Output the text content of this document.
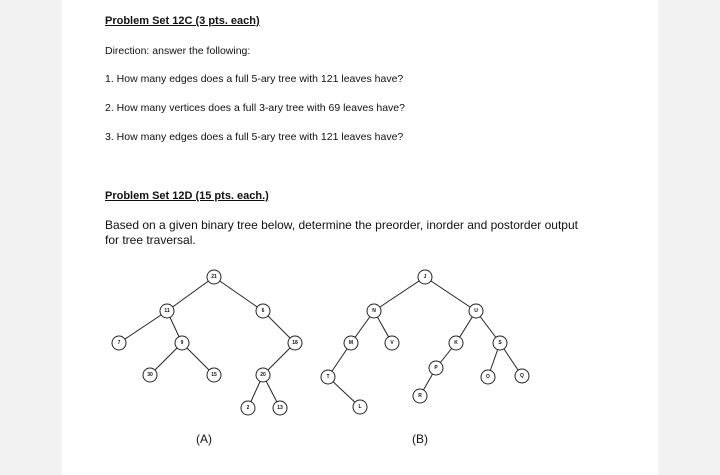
Problem Set 12C (3 pts. each)
Direction: answer the following:
1. How many edges does a full 5-ary tree with 121 leaves have?
2. How many vertices does a full 3-ary tree with 69 leaves have?
3. How many edges does a full 5-ary tree with 121 leaves have?
Problem Set 12D (15 pts. each.)
Based on a given binary tree below, determine the preorder, inorder and postorder output for tree traversal.
21
11	6
7	9	18
30	15	20
2	13
J
N	U
M	V	K	S
T
P
O	Q
L
R
(A)	(B)
